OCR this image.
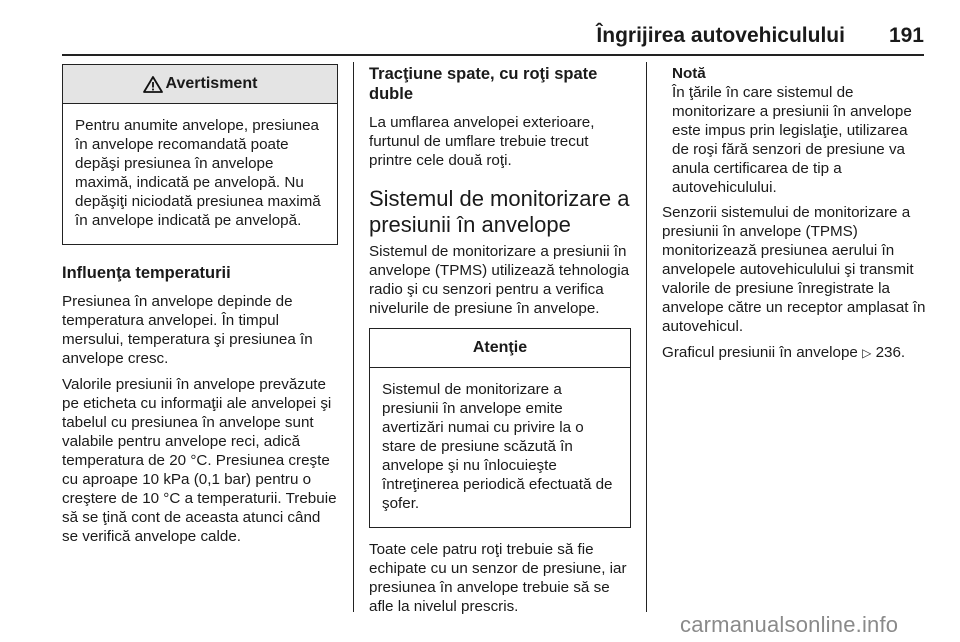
Îngrijirea autovehiculului 191
Avertisment

Pentru anumite anvelope, presiunea în anvelope recomandată poate depăşi presiunea în anvelope maximă, indicată pe anvelopă. Nu depăşiţi niciodată presiunea maximă în anvelope indicată pe anvelopă.

Influenţa temperaturii

Presiunea în anvelope depinde de temperatura anvelopei. În timpul mersului, temperatura şi presiunea în anvelope cresc.

Valorile presiunii în anvelope prevăzute pe eticheta cu informaţii ale anvelopei şi tabelul cu presiunea în anvelope sunt valabile pentru anvelope reci, adică temperatura de 20 °C. Presiunea creşte cu aproape 10 kPa (0,1 bar) pentru o creştere de 10 °C a temperaturii. Trebuie să se ţină cont de aceasta atunci când se verifică anvelope calde.

Tracţiune spate, cu roţi spate duble

La umflarea anvelopei exterioare, furtunul de umflare trebuie trecut printre cele două roţi.

Sistemul de monitorizare a presiunii în anvelope

Sistemul de monitorizare a presiunii în anvelope (TPMS) utilizează tehnologia radio şi cu senzori pentru a verifica nivelurile de presiune în anvelope.

Atenţie

Sistemul de monitorizare a presiunii în anvelope emite avertizări numai cu privire la o stare de presiune scăzută în anvelope şi nu înlocuieşte întreţinerea periodică efectuată de şofer.

Toate cele patru roţi trebuie să fie echipate cu un senzor de presiune, iar presiunea în anvelope trebuie să se afle la nivelul prescris.

Notă

În ţările în care sistemul de monitorizare a presiunii în anvelope este impus prin legislaţie, utilizarea de roşi fără senzori de presiune va anula certificarea de tip a autovehiculului.

Senzorii sistemului de monitorizare a presiunii în anvelope (TPMS) monitorizează presiunea aerului în anvelopele autovehiculului şi transmit valorile de presiune înregistrate la anvelope către un receptor amplasat în autovehicul.

Graficul presiunii în anvelope ▷ 236.

carmanualsonline.info
